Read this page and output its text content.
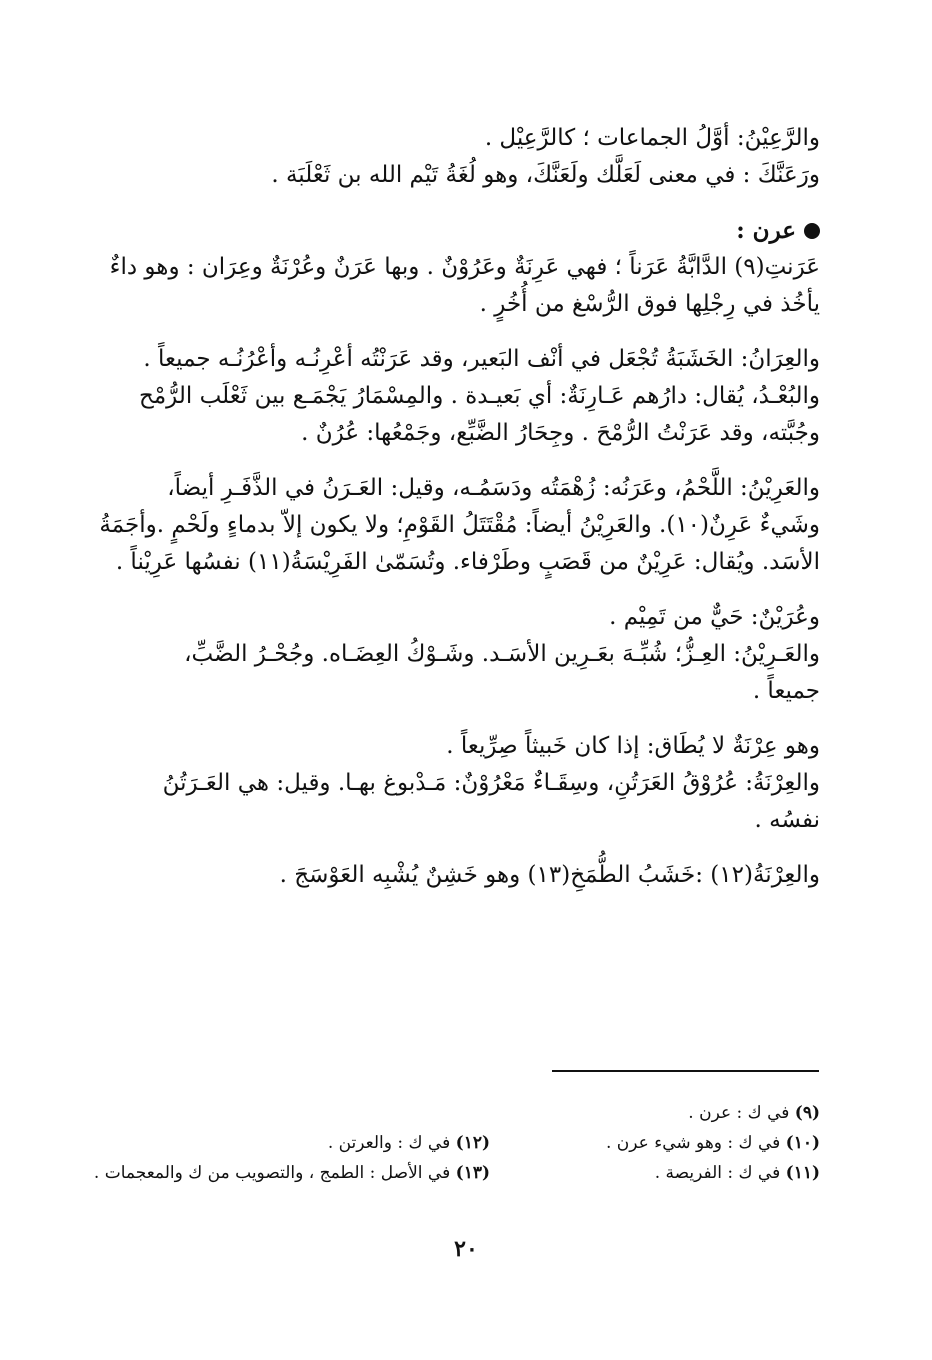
والرَّعِيْنُ: أوَّلُ الجماعات ؛ كالرَّعِيْل .

ورَعَنَّكَ : في معنى لَعَلَّك ولَعَنَّكَ، وهو لُغَةُ تَيْم الله بن ثَعْلَبَة .

عرن :

عَرَنتِ(٩) الدَّابَّةُ عَرَناً ؛ فهي عَرِنَةٌ وعَرُوْنٌ . وبها عَرَنٌ وعُرْنَةٌ وعِرَان : وهو داءٌ

يأخُذ في رِجْلِها فوق الرُّسْغ من أُخُرٍ .

والعِرَانُ: الخَشَبَةُ تُجْعَل في أنْف البَعير، وقد عَرَنْتُه أعْرِنُـه وأعْرُنُـه جميعاً .

والبُعْـدُ، يُقال: دارُهم عَـارِنَةٌ: أي بَعيـدة . والمِسْمَارُ يَجْمَـع بين ثَعْلَب الرُّمْح

وجُبَّته، وقد عَرَنْتُ الرُّمْحَ . وجِحَارُ الضَّبِّع، وجَمْعُها: عُرُنٌ .

والعَرِيْنُ: اللَّحْمُ، وعَرَنُه: زُهْمَتُه ودَسَمُـه، وقيل: العَـرَنُ في الذَّفَـرِ أيضاً،

وشَيءٌ عَرِنٌ(١٠). والعَرِيْنُ أيضاً: مُقْتَتَلُ القَوْمِ؛ ولا يكون إلاّ بدماءٍ ولَحْمٍ .وأجَمَةُ

الأسَد. ويُقال: عَرِيْنٌ من قَصَبٍ وطَرْفاء. وتُسَمّىٰ الفَرِيْسَةُ(١١) نفسُها عَرِيْناً .

وعُرَيْنٌ: حَيٌّ من تَمِيْم .

والعَـرِيْنُ: العِـزُّ؛ شُبِّـهَ بعَـرِين الأسَـد. وشَـوْكُ العِضَـاه. وجُحْـرُ الضَّبِّ،

جميعاً .

وهو عِرْنَةٌ لا يُطَاق: إذا كان خَبيثاً صِرِّيعاً .

والعِرْنَةُ: عُرُوْقُ العَرَتُنِ، وسِقَـاءٌ مَعْرُوْنٌ: مَـدْبوغ بهـا. وقيل: هي العَـرَتُنُ

نفسُه .

والعِرْنَةُ(١٢) :خَشَبُ الطُّمَخِ(١٣) وهو خَشِنٌ يُشْبِه العَوْسَجَ .

(٩) في ك : عرن .

(١٠) في ك : وهو شيء عرن .

(١١) في ك : الفريصة .

(١٢) في ك : والعرتن .

(١٣) في الأصل : الطمج ، والتصويب من ك والمعجمات .

٢٠
